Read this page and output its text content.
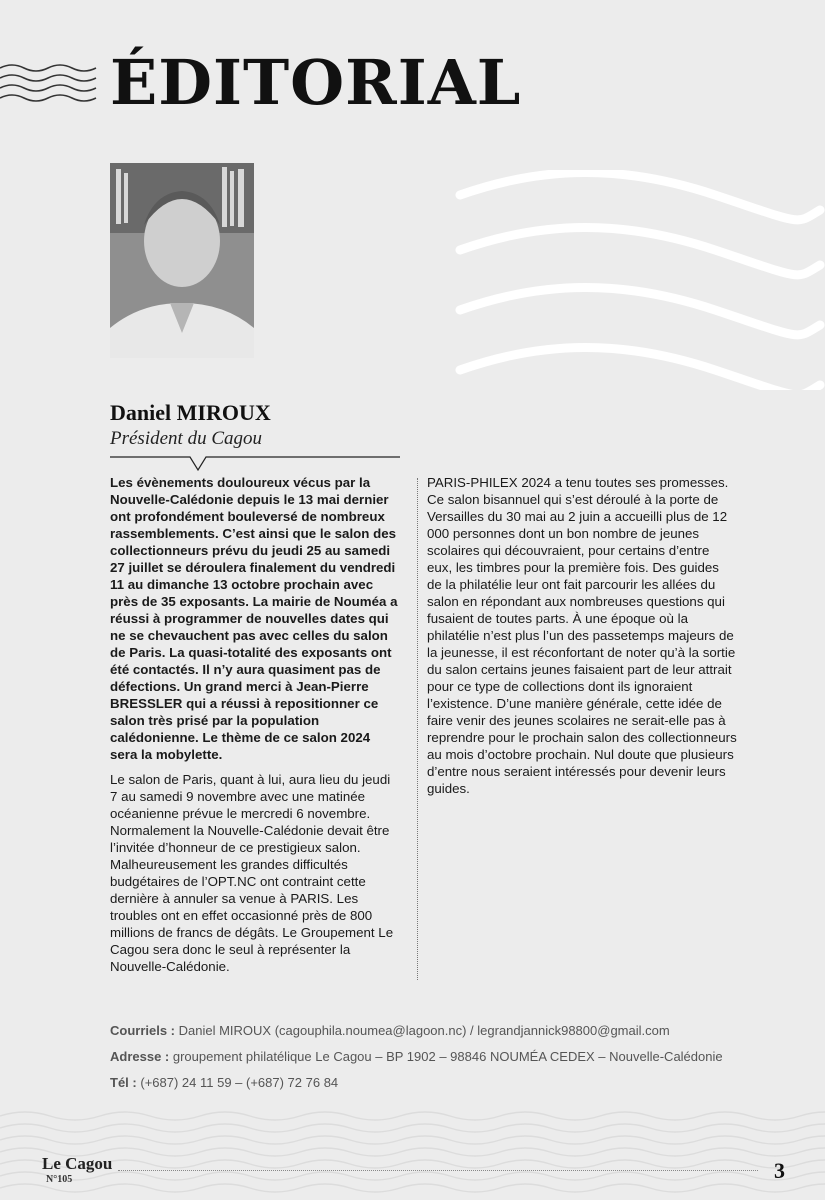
ÉDITORIAL
Daniel MIROUX
Président du Cagou

Les évènements douloureux vécus par la Nouvelle-Calédonie depuis le 13 mai dernier ont profondément bouleversé de nombreux rassemblements. C’est ainsi que le salon des collectionneurs prévu du jeudi 25 au samedi 27 juillet se déroulera finalement du vendredi 11 au dimanche 13 octobre prochain avec près de 35 exposants. La mairie de Nouméa a réussi à programmer de nouvelles dates qui ne se chevauchent pas avec celles du salon de Paris. La quasi-totalité des exposants ont été contactés. Il n’y aura quasiment pas de défections. Un grand merci à Jean-Pierre BRESSLER qui a réussi à repositionner ce salon très prisé par la population calédonienne. Le thème de ce salon 2024 sera la mobylette.

Le salon de Paris, quant à lui, aura lieu du jeudi 7 au samedi 9 novembre avec une matinée océanienne prévue le mercredi 6 novembre. Normalement la Nouvelle-Calédonie devait être l’invitée d’honneur de ce prestigieux salon. Malheureusement les grandes difficultés budgétaires de l’OPT.NC ont contraint cette dernière à annuler sa venue à PARIS. Les troubles ont en effet occasionné près de 800 millions de francs de dégâts. Le Groupement Le Cagou sera donc le seul à représenter la Nouvelle-Calédonie.

PARIS-PHILEX 2024 a tenu toutes ses promesses. Ce salon bisannuel qui s’est déroulé à la porte de Versailles du 30 mai au 2 juin a accueilli plus de 12 000 personnes dont un bon nombre de jeunes scolaires qui découvraient, pour certains d’entre eux, les timbres pour la première fois. Des guides de la philatélie leur ont fait parcourir les allées du salon en répondant aux nombreuses questions qui fusaient de toutes parts. À une époque où la philatélie n’est plus l’un des passetemps majeurs de la jeunesse, il est réconfortant de noter qu’à la sortie du salon certains jeunes faisaient part de leur attrait pour ce type de collections dont ils ignoraient l’existence. D’une manière générale, cette idée de faire venir des jeunes scolaires ne serait-elle pas à reprendre pour le prochain salon des collectionneurs au mois d’octobre prochain. Nul doute que plusieurs d’entre nous seraient intéressés pour devenir leurs guides.

Courriels : Daniel MIROUX (cagouphila.noumea@lagoon.nc) / legrandjannick98800@gmail.com
Adresse : groupement philatélique Le Cagou – BP 1902 – 98846 NOUMÉA CEDEX – Nouvelle-Calédonie
Tél : (+687) 24 11 59 – (+687) 72 76 84
Le Cagou
N°105	3
